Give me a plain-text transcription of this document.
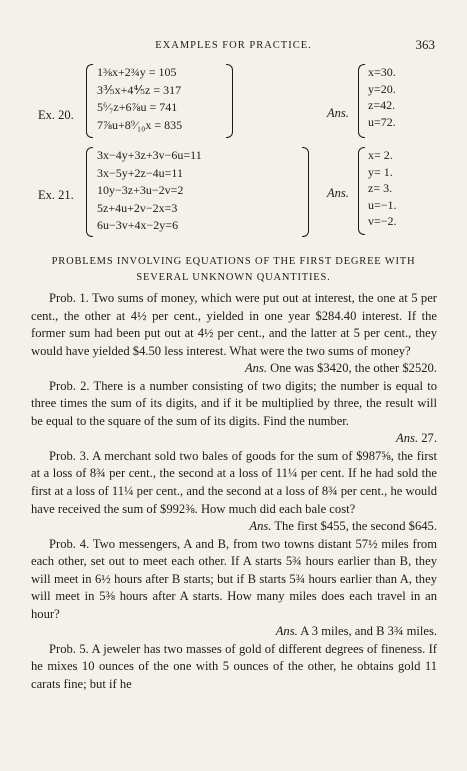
EXAMPLES FOR PRACTICE.	363
Ex. 20.
1⅜x+2¾y = 105
3⅗x+4⅘z = 317
5⁶⁄₇z+6⅞u = 741
7⅞u+8⁹⁄₁₀x = 835
Ans.
x=30.
y=20.
z=42.
u=72.
Ex. 21.
3x−4y+3z+3v−6u=11
3x−5y+2z−4u=11
10y−3z+3u−2v=2
5z+4u+2v−2x=3
6u−3v+4x−2y=6
Ans.
x= 2.
y= 1.
z= 3.
u=−1.
v=−2.
PROBLEMS INVOLVING EQUATIONS OF THE FIRST DEGREE WITH
SEVERAL UNKNOWN QUANTITIES.

Prob. 1. Two sums of money, which were put out at interest, the one at 5 per cent., the other at 4½ per cent., yielded in one year $284.40 interest. If the former sum had been put out at 4½ per cent., and the latter at 5 per cent., they would have yielded $4.50 less interest. What were the two sums of money?

Ans. One was $3420, the other $2520.

Prob. 2. There is a number consisting of two digits; the number is equal to three times the sum of its digits, and if it be multiplied by three, the result will be equal to the square of the sum of its digits. Find the number.

Ans. 27.

Prob. 3. A merchant sold two bales of goods for the sum of $987⅝, the first at a loss of 8¾ per cent., the second at a loss of 11¼ per cent. If he had sold the first at a loss of 11¼ per cent., and the second at a loss of 8¾ per cent., he would have received the sum of $992⅜. How much did each bale cost?

Ans. The first $455, the second $645.

Prob. 4. Two messengers, A and B, from two towns distant 57½ miles from each other, set out to meet each other. If A starts 5¾ hours earlier than B, they will meet in 6½ hours after B starts; but if B starts 5¾ hours earlier than A, they will meet in 5⅜ hours after A starts. How many miles does each travel in an hour?

Ans. A 3 miles, and B 3¾ miles.

Prob. 5. A jeweler has two masses of gold of different degrees of fineness. If he mixes 10 ounces of the one with 5 ounces of the other, he obtains gold 11 carats fine; but if he
